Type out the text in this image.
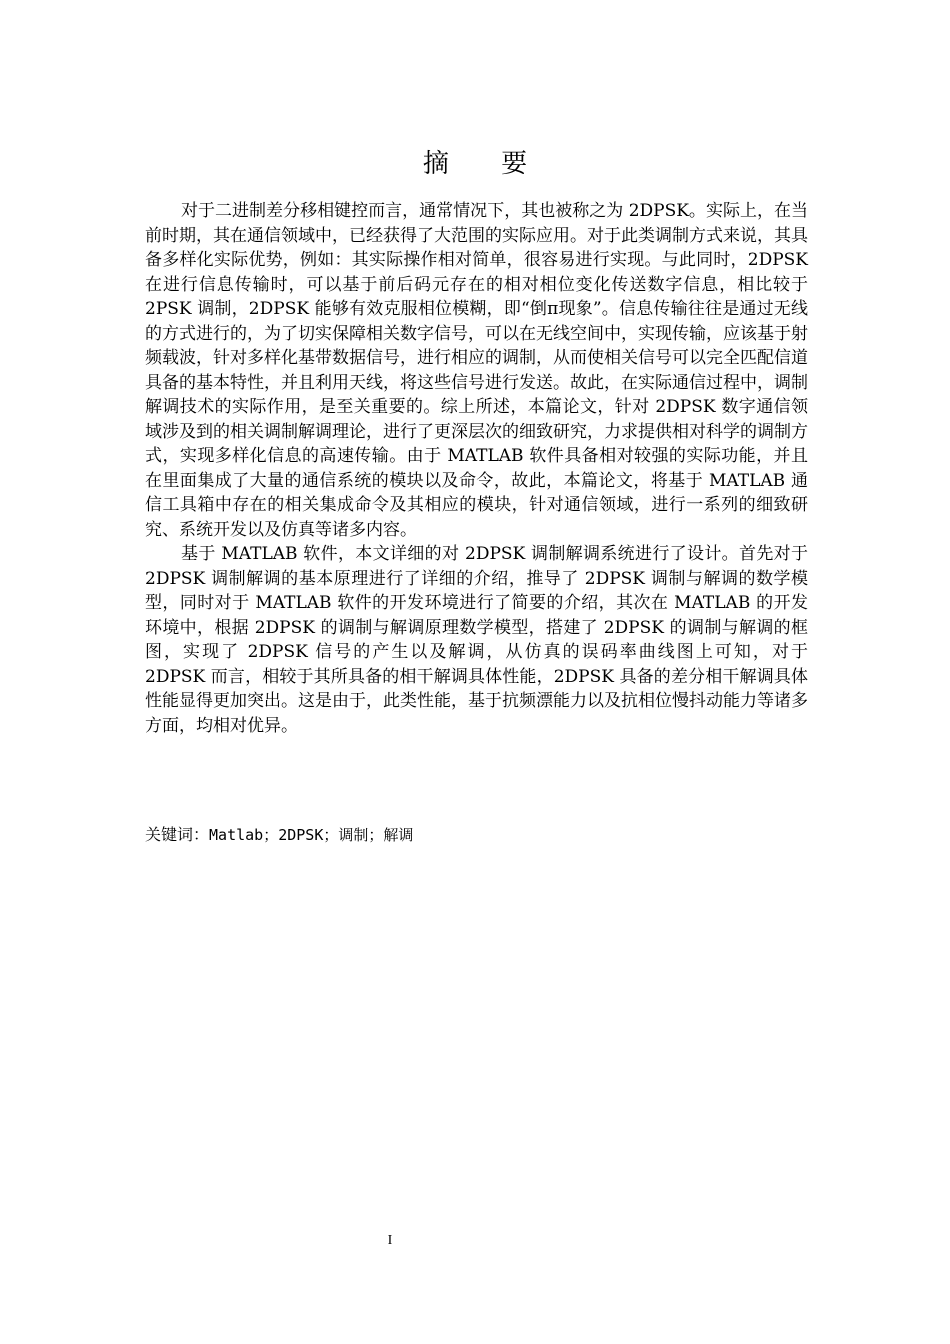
摘 要

对于二进制差分移相键控而言，通常情况下，其也被称之为 2DPSK。实际上，在当前时期，其在通信领域中，已经获得了大范围的实际应用。对于此类调制方式来说，其具备多样化实际优势，例如：其实际操作相对简单，很容易进行实现。与此同时，2DPSK 在进行信息传输时，可以基于前后码元存在的相对相位变化传送数字信息，相比较于 2PSK 调制，2DPSK 能够有效克服相位模糊，即“倒π现象”。信息传输往往是通过无线的方式进行的，为了切实保障相关数字信号，可以在无线空间中，实现传输，应该基于射频载波，针对多样化基带数据信号，进行相应的调制，从而使相关信号可以完全匹配信道具备的基本特性，并且利用天线，将这些信号进行发送。故此，在实际通信过程中，调制解调技术的实际作用，是至关重要的。综上所述，本篇论文，针对 2DPSK 数字通信领域涉及到的相关调制解调理论，进行了更深层次的细致研究，力求提供相对科学的调制方式，实现多样化信息的高速传输。由于 MATLAB 软件具备相对较强的实际功能，并且在里面集成了大量的通信系统的模块以及命令，故此，本篇论文，将基于 MATLAB 通信工具箱中存在的相关集成命令及其相应的模块，针对通信领域，进行一系列的细致研究、系统开发以及仿真等诸多内容。

基于 MATLAB 软件，本文详细的对 2DPSK 调制解调系统进行了设计。首先对于 2DPSK 调制解调的基本原理进行了详细的介绍，推导了 2DPSK 调制与解调的数学模型，同时对于 MATLAB 软件的开发环境进行了简要的介绍，其次在 MATLAB 的开发环境中，根据 2DPSK 的调制与解调原理数学模型，搭建了 2DPSK 的调制与解调的框图，实现了 2DPSK 信号的产生以及解调，从仿真的误码率曲线图上可知，对于 2DPSK 而言，相较于其所具备的相干解调具体性能，2DPSK 具备的差分相干解调具体性能显得更加突出。这是由于，此类性能，基于抗频漂能力以及抗相位慢抖动能力等诸多方面，均相对优异。

关键词：Matlab；2DPSK；调制；解调
I
